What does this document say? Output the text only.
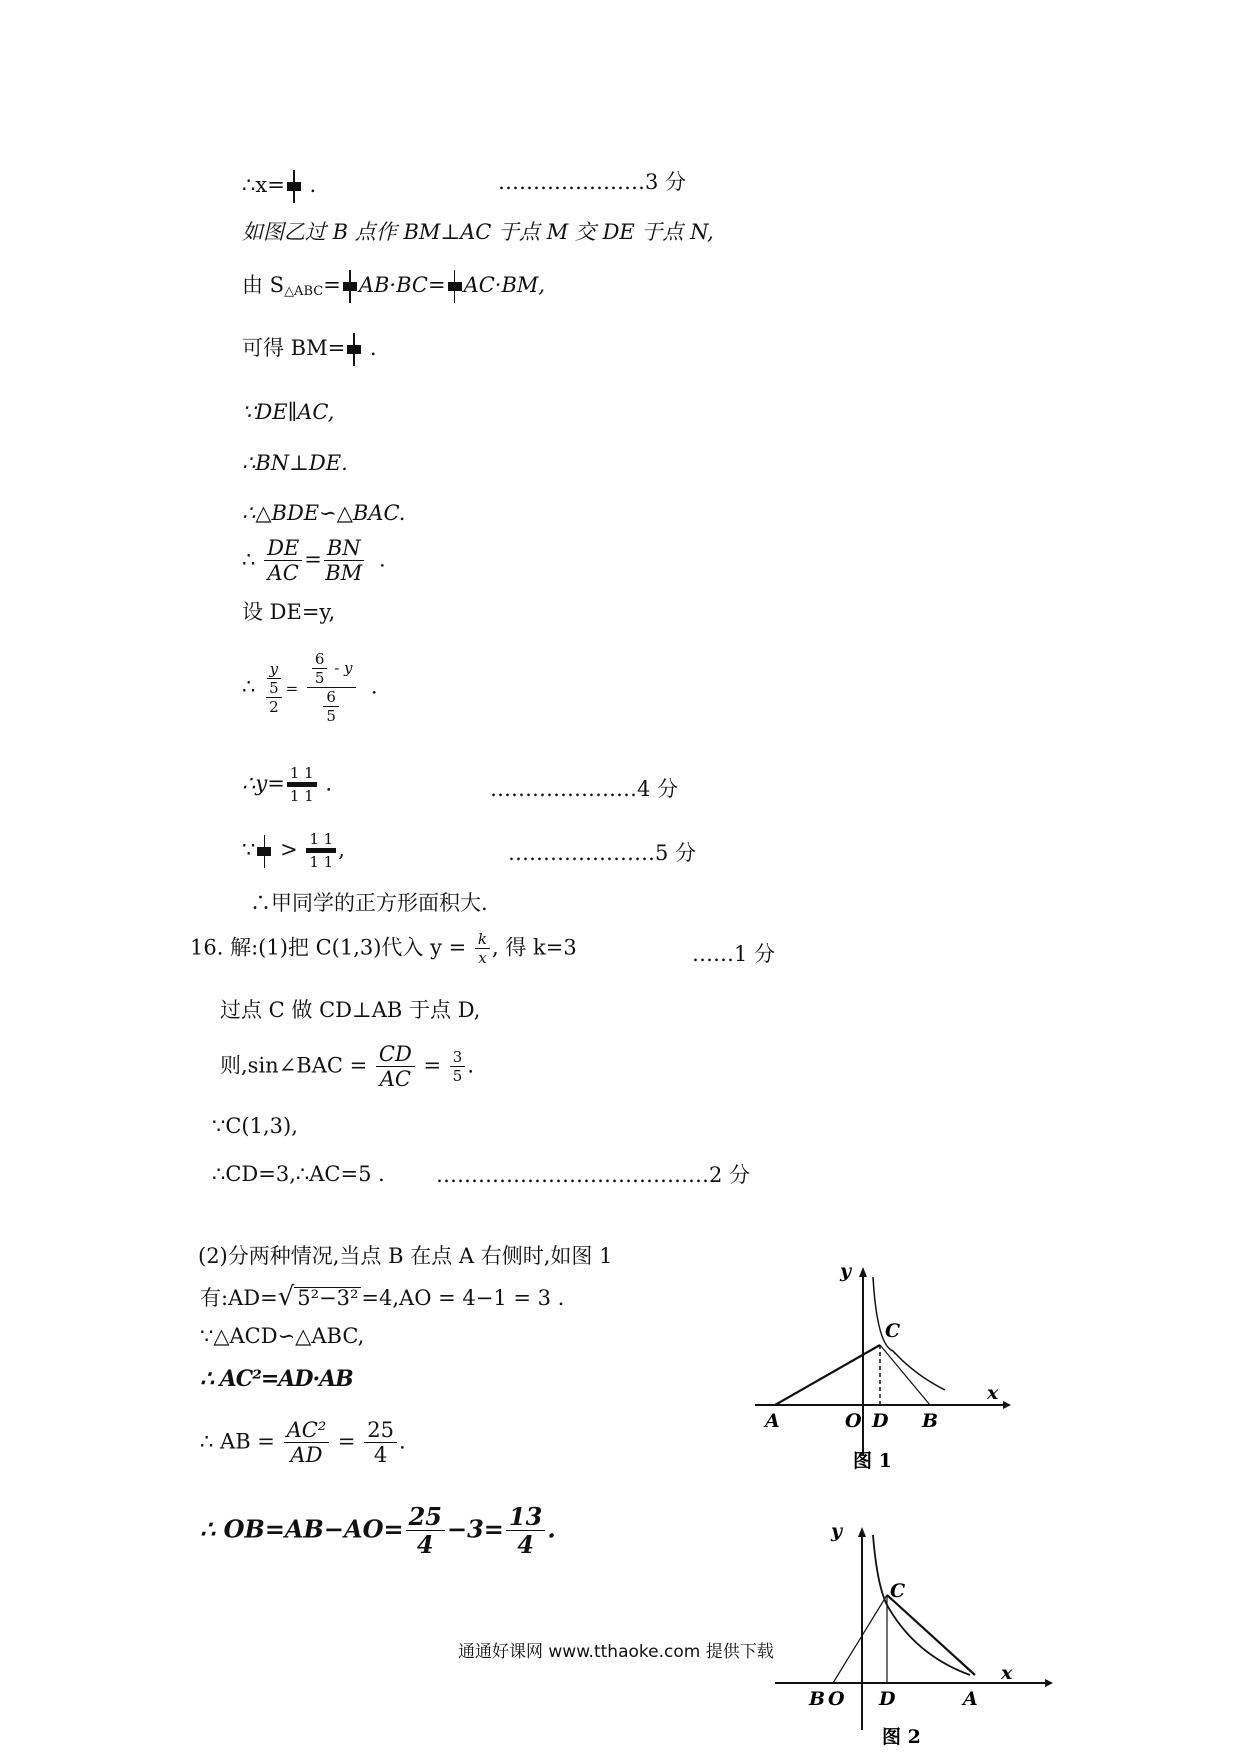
∴x=
.	…………………3 分
如图乙过 B 点作 BM⊥AC 于点 M 交 DE 于点 N,
由 $S_{\triangle ABC}= AB\cdot BC= AC\cdot BM$,
可得 BM=
.
∵DE∥AC,
∴BN⊥DE.
∴△BDE∽△BAC.
∴ $\frac{DE}{AC} = \frac{BN}{BM}$ .
设 DE=y,
∴ $\frac{y}{\frac{5}{2}} = \frac{\frac{6}{5} - y}{\frac{6}{5}}$ .
∴y= $\frac{1 1}{1 1}$ .	…………………4 分
∵ > $\frac{1 1}{1 1}$ ,	…………………5 分
∴甲同学的正方形面积大.
16. 解:(1)把 C(1,3)代入 $y = \frac{k}{x}$ , 得 k=3	……1 分
过点 C 做 CD⊥AB 于点 D,
则,sin∠BAC = $\frac{CD}{AC} = \frac{3}{5}$ .
∵C(1,3),
∴CD=3,∴AC=5 . …………………………………2 分
(2)分两种情况,当点 B 在点 A 右侧时,如图 1
有:AD=√ 5²−3² =4,AO = 4−1 = 3 .
∵△ACD∽△ABC,
∴ AC²=AD·AB
∴ AB = $\frac{\text{AC²}}{AD} = \frac{25}{4}$ .
∴ $OB=AB-AO= \frac{25}{4} -3= \frac{13}{4}$ .
通通好课网 www.tthaoke.com 提供下载
y
x
A	O D B
C
图 1
y
x
B O D	A
C
图 2
